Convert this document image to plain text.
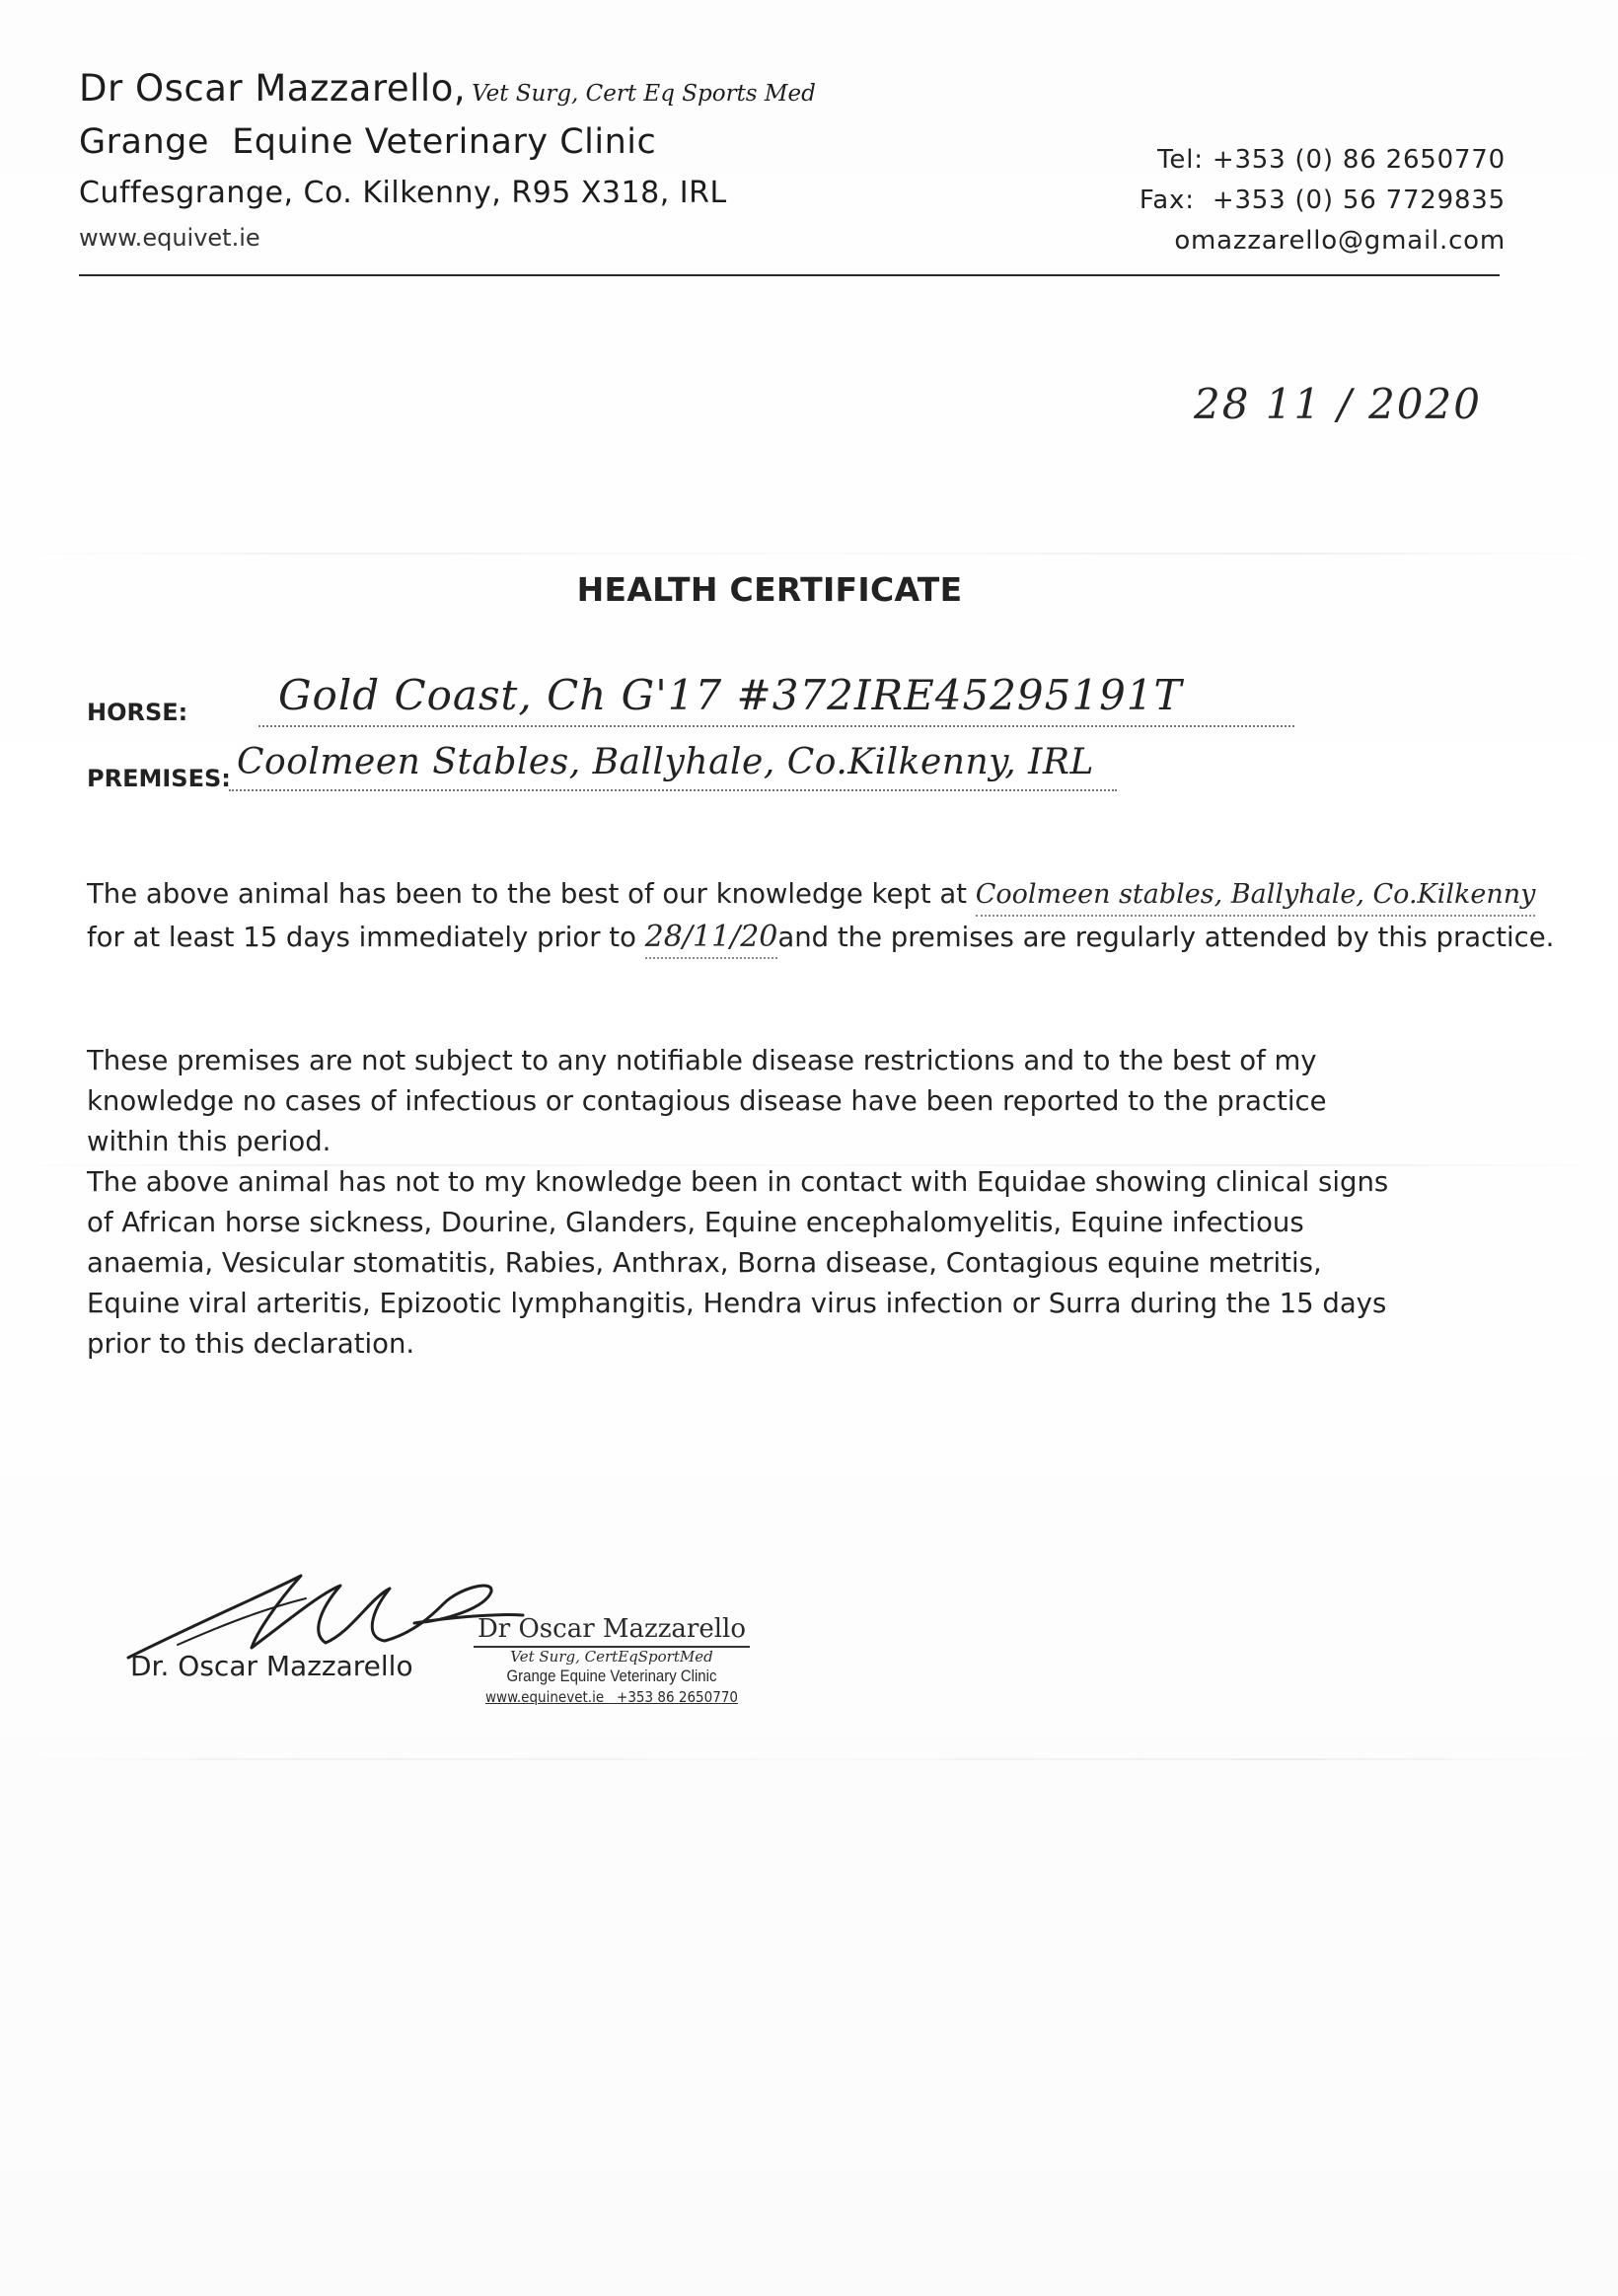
Dr Oscar Mazzarello, Vet Surg, Cert Eq Sports Med
Grange  Equine Veterinary Clinic
Cuffesgrange, Co. Kilkenny, R95 X318, IRL
www.equivet.ie
Tel: +353 (0) 86 2650770
Fax:  +353 (0) 56 7729835
omazzarello@gmail.com
28 11 / 2020
HEALTH CERTIFICATE
HORSE: Gold Coast, Ch G'17 #372IRE45295191T
PREMISES: Coolmeen Stables, Ballyhale, Co.Kilkenny, IRL
The above animal has been to the best of our knowledge kept at Coolmeen stables, Ballyhale, Co.Kilkenny
for at least 15 days immediately prior to 28/11/20and the premises are regularly attended by this practice.
These premises are not subject to any notifiable disease restrictions and to the best of my knowledge no cases of infectious or contagious disease have been reported to the practice within this period.
The above animal has not to my knowledge been in contact with Equidae showing clinical signs of African horse sickness, Dourine, Glanders, Equine encephalomyelitis, Equine infectious anaemia, Vesicular stomatitis, Rabies, Anthrax, Borna disease, Contagious equine metritis, Equine viral arteritis, Epizootic lymphangitis, Hendra virus infection or Surra during the 15 days prior to this declaration.
Dr. Oscar Mazzarello
Dr Oscar Mazzarello
Vet Surg, CertEqSportMed
Grange Equine Veterinary Clinic
www.equinevet.ie   +353 86 2650770
